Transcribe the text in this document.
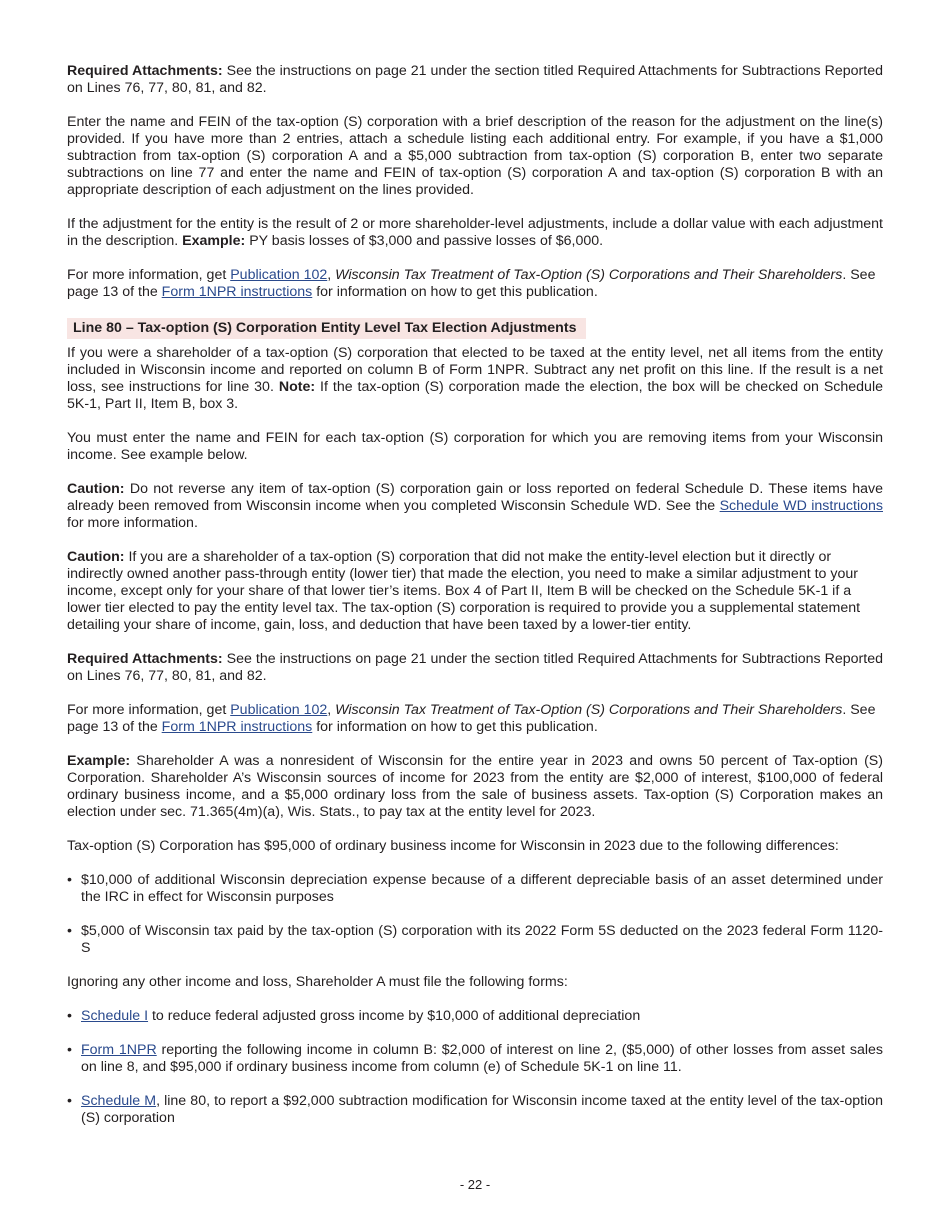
Required Attachments: See the instructions on page 21 under the section titled Required Attachments for Subtractions Reported on Lines 76, 77, 80, 81, and 82.

Enter the name and FEIN of the tax-option (S) corporation with a brief description of the reason for the adjustment on the line(s) provided. If you have more than 2 entries, attach a schedule listing each additional entry. For example, if you have a $1,000 subtraction from tax-option (S) corporation A and a $5,000 subtraction from tax-option (S) corporation B, enter two separate subtractions on line 77 and enter the name and FEIN of tax-option (S) corporation A and tax-option (S) corporation B with an appropriate description of each adjustment on the lines provided.

If the adjustment for the entity is the result of 2 or more shareholder-level adjustments, include a dollar value with each adjustment in the description. Example: PY basis losses of $3,000 and passive losses of $6,000.

For more information, get Publication 102, Wisconsin Tax Treatment of Tax-Option (S) Corporations and Their Shareholders. See page 13 of the Form 1NPR instructions for information on how to get this publication.

Line 80 – Tax-option (S) Corporation Entity Level Tax Election Adjustments

If you were a shareholder of a tax-option (S) corporation that elected to be taxed at the entity level, net all items from the entity included in Wisconsin income and reported on column B of Form 1NPR. Subtract any net profit on this line. If the result is a net loss, see instructions for line 30. Note: If the tax-option (S) corporation made the election, the box will be checked on Schedule 5K-1, Part II, Item B, box 3.

You must enter the name and FEIN for each tax-option (S) corporation for which you are removing items from your Wisconsin income. See example below.

Caution: Do not reverse any item of tax-option (S) corporation gain or loss reported on federal Schedule D. These items have already been removed from Wisconsin income when you completed Wisconsin Schedule WD. See the Schedule WD instructions for more information.

Caution: If you are a shareholder of a tax-option (S) corporation that did not make the entity-level election but it directly or indirectly owned another pass-through entity (lower tier) that made the election, you need to make a similar adjustment to your income, except only for your share of that lower tier’s items. Box 4 of Part II, Item B will be checked on the Schedule 5K-1 if a lower tier elected to pay the entity level tax. The tax-option (S) corporation is required to provide you a supplemental statement detailing your share of income, gain, loss, and deduction that have been taxed by a lower-tier entity.

Required Attachments: See the instructions on page 21 under the section titled Required Attachments for Subtractions Reported on Lines 76, 77, 80, 81, and 82.

For more information, get Publication 102, Wisconsin Tax Treatment of Tax-Option (S) Corporations and Their Shareholders. See page 13 of the Form 1NPR instructions for information on how to get this publication.

Example: Shareholder A was a nonresident of Wisconsin for the entire year in 2023 and owns 50 percent of Tax-option (S) Corporation. Shareholder A’s Wisconsin sources of income for 2023 from the entity are $2,000 of interest, $100,000 of federal ordinary business income, and a $5,000 ordinary loss from the sale of business assets. Tax-option (S) Corporation makes an election under sec. 71.365(4m)(a), Wis. Stats., to pay tax at the entity level for 2023.

Tax-option (S) Corporation has $95,000 of ordinary business income for Wisconsin in 2023 due to the following differences:

• $10,000 of additional Wisconsin depreciation expense because of a different depreciable basis of an asset determined under the IRC in effect for Wisconsin purposes
• $5,000 of Wisconsin tax paid by the tax-option (S) corporation with its 2022 Form 5S deducted on the 2023 federal Form 1120-S

Ignoring any other income and loss, Shareholder A must file the following forms:

• Schedule I to reduce federal adjusted gross income by $10,000 of additional depreciation
• Form 1NPR reporting the following income in column B: $2,000 of interest on line 2, ($5,000) of other losses from asset sales on line 8, and $95,000 if ordinary business income from column (e) of Schedule 5K-1 on line 11.
• Schedule M, line 80, to report a $92,000 subtraction modification for Wisconsin income taxed at the entity level of the tax-option (S) corporation
- 22 -
